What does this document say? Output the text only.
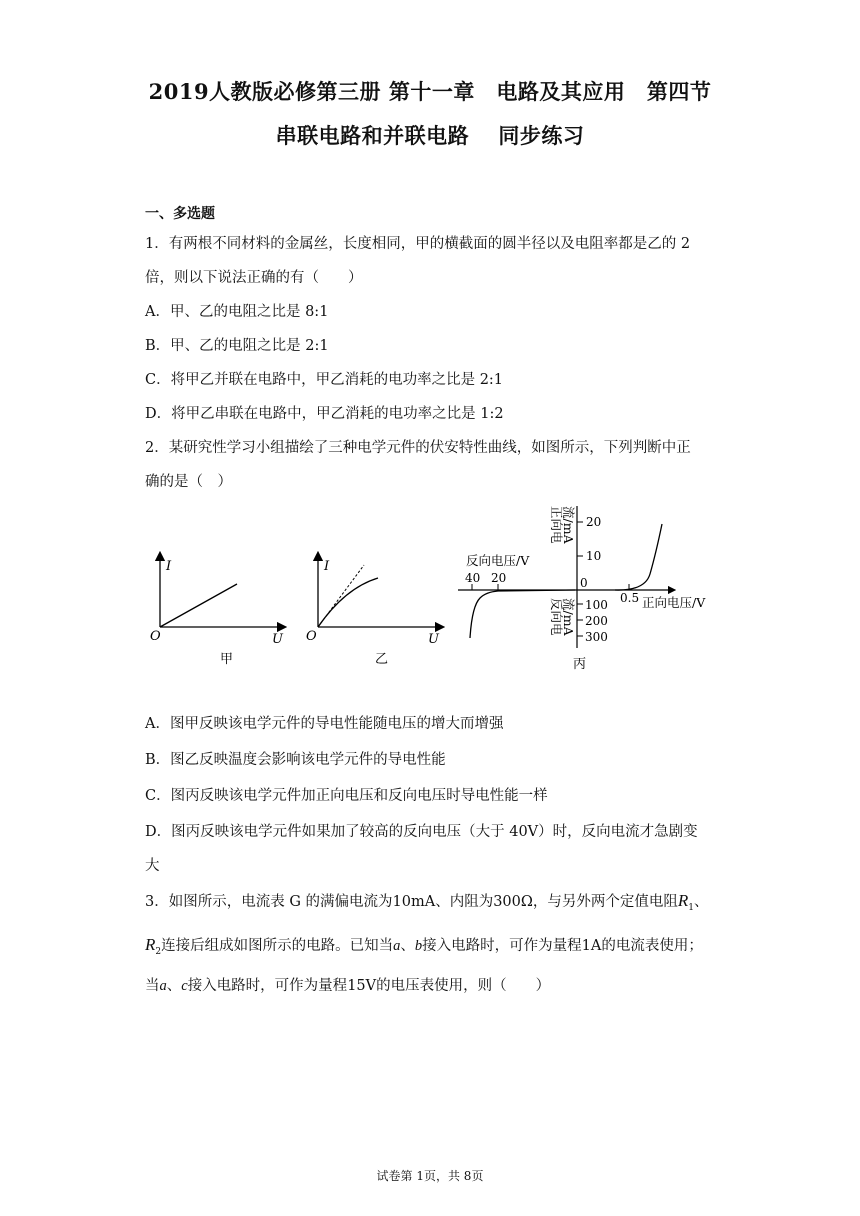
2019人教版必修第三册 第十一章　电路及其应用　第四节
串联电路和并联电路　 同步练习
一、多选题
1．有两根不同材料的金属丝，长度相同，甲的横截面的圆半径以及电阻率都是乙的 2
倍，则以下说法正确的有（　　）
A．甲、乙的电阻之比是 8:1
B．甲、乙的电阻之比是 2:1
C．将甲乙并联在电路中，甲乙消耗的电功率之比是 2:1
D．将甲乙串联在电路中，甲乙消耗的电功率之比是 1:2
2．某研究性学习小组描绘了三种电学元件的伏安特性曲线，如图所示，下列判断中正
确的是（　）
I
U
O
甲
I
U
O
乙
正向电
流/mA
反向电
流/mA
20
10
0
100
200
300
40 20
0.5
反向电压/V
正向电压/V
丙
A．图甲反映该电学元件的导电性能随电压的增大而增强
B．图乙反映温度会影响该电学元件的导电性能
C．图丙反映该电学元件加正向电压和反向电压时导电性能一样
D．图丙反映该电学元件如果加了较高的反向电压（大于 40V）时，反向电流才急剧变
大
3．如图所示，电流表 G 的满偏电流为10mA、内阻为300Ω，与另外两个定值电阻$R_1$、
$R_2$连接后组成如图所示的电路。已知当a、b接入电路时，可作为量程1A的电流表使用；
当a、c接入电路时，可作为量程15V的电压表使用，则（　　）
试卷第 1页，共 8页
